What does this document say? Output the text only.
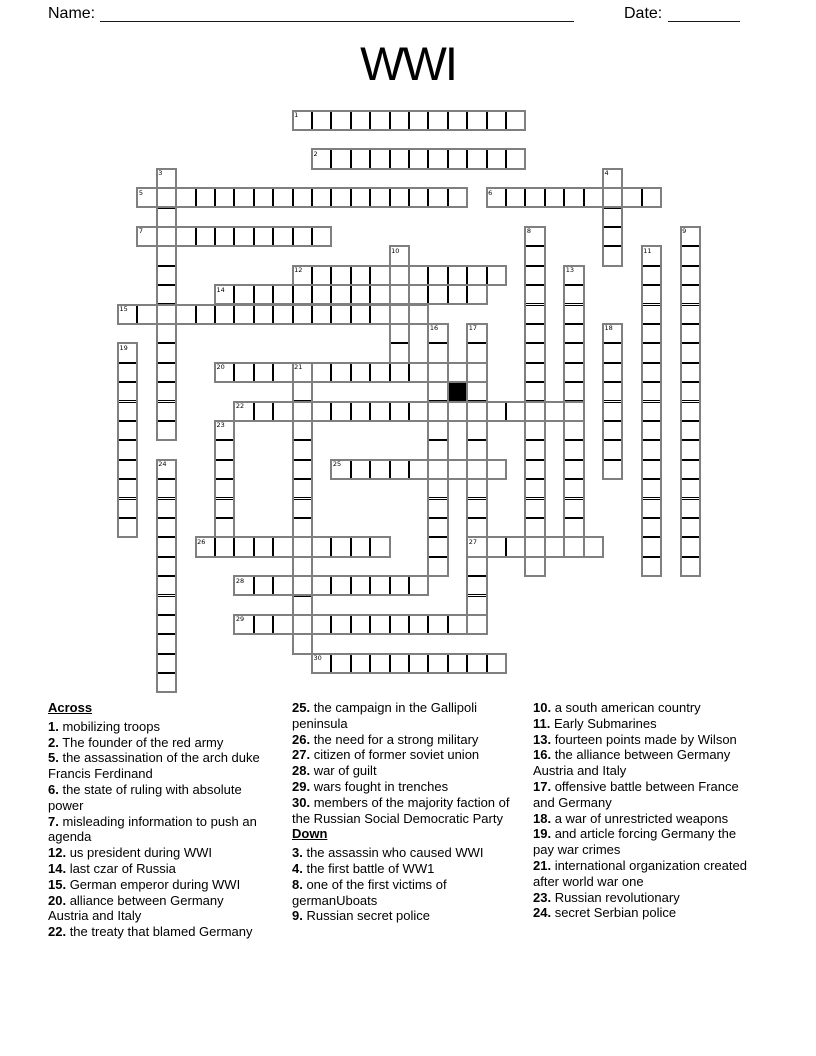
Name:	Date:
WWI
1
2
5	6
7
12
14
15
20
22
25
26	27
28
29
30
3	4
8	9
10	11
13
16	17	18
19
21
23
24
Across
1. mobilizing troops
2. The founder of the red army
5. the assassination of the arch duke Francis Ferdinand
6. the state of ruling with absolute power
7. misleading information to push an agenda
12. us president during WWI
14. last czar of Russia
15. German emperor during WWI
20. alliance between Germany Austria and Italy
22. the treaty that blamed Germany
25. the campaign in the Gallipoli peninsula
26. the need for a strong military
27. citizen of former soviet union
28. war of guilt
29. wars fought in trenches
30. members of the majority faction of the Russian Social Democratic Party
Down
3. the assassin who caused WWI
4. the first battle of WW1
8. one of the first victims of germanUboats
9. Russian secret police
10. a south american country
11. Early Submarines
13. fourteen points made by Wilson
16. the alliance between Germany Austria and Italy
17. offensive battle between France and Germany
18. a war of unrestricted weapons
19. and article forcing Germany the pay war crimes
21. international organization created after world war one
23. Russian revolutionary
24. secret Serbian police
